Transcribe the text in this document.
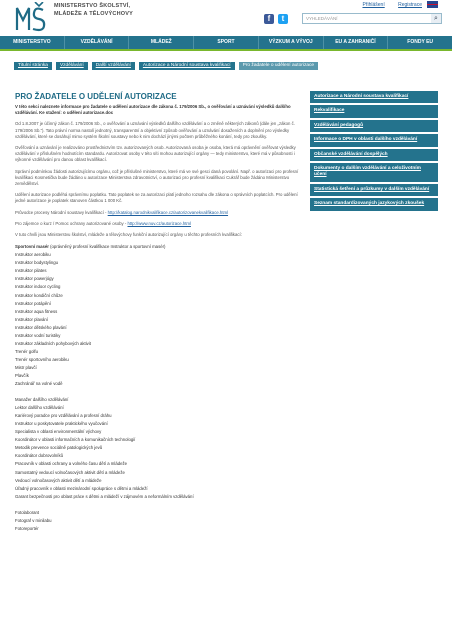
MINISTERSTVO ŠKOLSTVÍ,
MLÁDEŽE A TĚLOVÝCHOVY
Přihlášení	Registrace
f	t	VYHLEDÁVÁNÍ	⌕
MINISTERSTVO	VZDĚLÁVÁNÍ	MLÁDEŽ	SPORT	VÝZKUM A VÝVOJ	EU A ZAHRANIČÍ	FONDY EU
Titulní stránka	Vzdělávání	Další vzdělávání	Autorizace a Národní soustava kvalifikací	Pro žadatele o udělení autorizace
PRO ŽADATELE O UDĚLENÍ AUTORIZACE

V této sekci naleznete informace pro žadatele o udělení autorizace dle zákona č. 179/2006 Sb., o ověřování a uznávání výsledků dalšího vzdělávání. Ke stažení: o udělení autorizace.doc

Od 1.8.2007 je účinný zákon č. 179/2006 Sb., o ověřování a uznávání výsledků dalšího vzdělávání a o změně některých zákonů (dále jen „zákon č. 179/2006 Sb.“). Tato právní norma nastolí jednotný, transparentní a objektivní způsob ověřování a uznávání dosaženích a doplnění pro výsledky vzdělávání, které se dosáhují mimo systém školní soustavy nebo k nim dochází jinými počtem průběžného konání, tedy pro zkoušky.

Ověřování a uznávání je realizováno prostřednictvím tzv. autorizovaných osob. Autorizovaná osoba je osoba, která má oprávnění ověřovat výsledky vzdělávání v příslušném hodnotícím standardu. Autorizovat osoby v této síti mohou autorizující orgány — tedy ministerstvo, které má v působnosti i výkonné vzdělávání pro danou oblast kvalifikací.

Správní podmínkou žádosti autorizujícímu orgánu, což je příslušné ministerstvo, které má ve své gesci daná povolání. Např. o autorizaci pro profesní kvalifikaci Kosmetička bude žádáno u autorizace Ministerstva zdravotnictví, o autorizaci pro profesní kvalifikaci Cukrář bude žádáno Ministerstvo zemědělství.

Udělení autorizace podléhá správnímu poplatku. Tato poplatek se za autorizaci platí jednoho rozsahu dle zákona o správních poplatcích. Pro udělení jedné autorizace je poplatek stanoven částkou 1 000 Kč.

Průvodce procesy Národní soustavy kvalifikací - http://katalog.narodnikvalifikace.cz/autorizovanekvalifikace.html

Pro zájemce o kurz / Pomoc ochrany autorizované osoby - http://www.nuv.cz/autorizace.html

V tuto chvíli jsou Ministerstvu školství, mládeže a tělovýchovy funkční autorizující orgány u těchto profesních kvalifikací:

Sportovní masér (oprávněný profesní kvalifikace Instruktor a sportovní masér)
Instruktor aerobiku
Instruktor bodystylingu
Instruktor pilates
Instruktor powerjógy
Instruktor indoor cycling
Instruktor kondiční chůze
Instruktor potápění
Instruktor aqua fitness
Instruktor plavání
Instruktor dětského plavání
Instruktor vodní turistiky
Instruktor základních pohybových aktivit
Trenér golfu
Trenér sportovního aerobiku
Mistr plavčí
Plavčík
Zachránář na volné vodě
Manažer dalšího vzdělávání
Lektor dalšího vzdělávání
Kariérový poradce pro vzdělávání a profesní dráhu
Instruktor u poskytovatele praktického vyučování
Specialista v oblasti environmentální výchovy
Koordinátor v oblasti informačních a komunikačních technologií
Metodik prevence sociálně patologických jevů
Koordinátor dobrovolníků
Pracovník v oblasti ochrany a volného času dětí a mládeže
Samostatný vedoucí volnočasových aktivit dětí a mládeže
Vedoucí volnočasových aktivit dětí a mládeže
Úřadný pracovník v oblasti mezinárodní spolupráce s dětmi a mládeží
Garant bezpečnosti pro oblast práce s dětmi a mládeží v zájmovém a neformálním vzdělávání
Fotolaborant
Fotograf v minilabu
Fotoreportér
Autorizace a Národní soustava kvalifikací
Rekvalifikace
Vzdělávání pedagogů
Informace o DPH v oblasti dalšího vzdělávání
Občanské vzdělávání dospělých
Dokumenty o dalším vzdělávání a celoživotním učení
Statistická šetření a průzkumy v dalším vzdělávání
Seznam standardizovaných jazykových zkoušek
